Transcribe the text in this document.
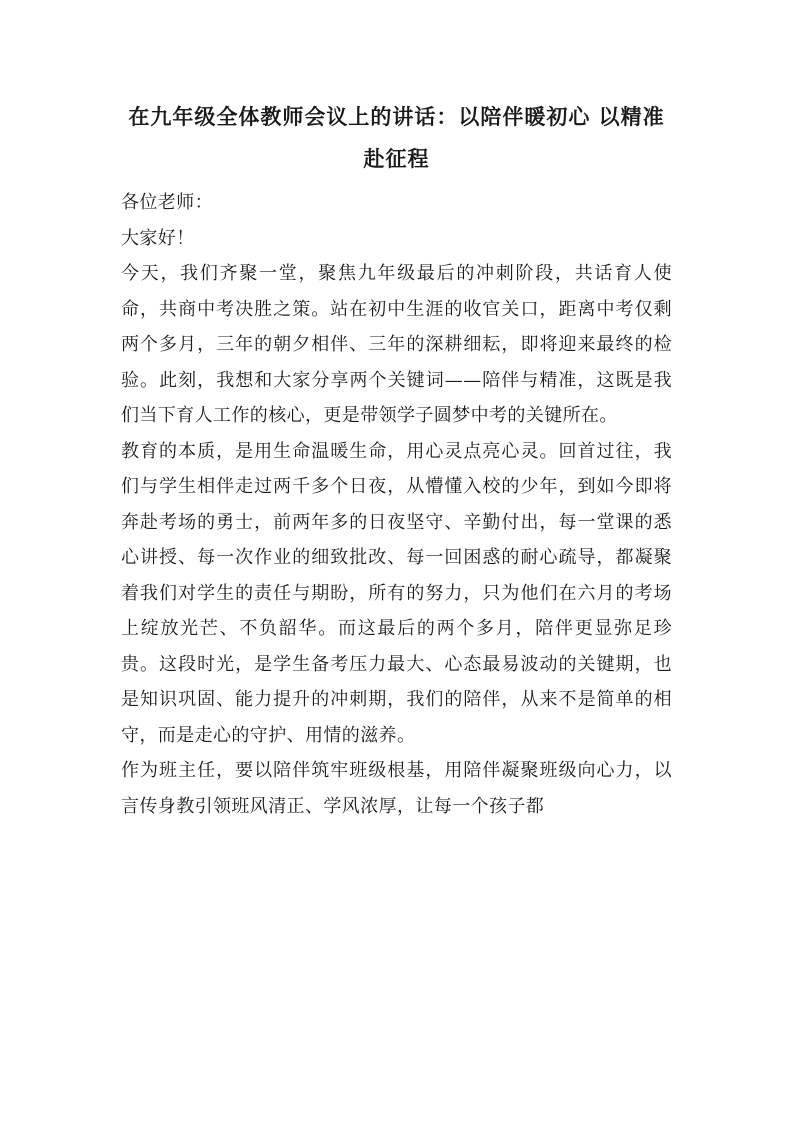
在九年级全体教师会议上的讲话：以陪伴暖初心 以精准赴征程

各位老师：

大家好！

今天，我们齐聚一堂，聚焦九年级最后的冲刺阶段，共话育人使命，共商中考决胜之策。站在初中生涯的收官关口，距离中考仅剩两个多月，三年的朝夕相伴、三年的深耕细耘，即将迎来最终的检验。此刻，我想和大家分享两个关键词——陪伴与精准，这既是我们当下育人工作的核心，更是带领学子圆梦中考的关键所在。

教育的本质，是用生命温暖生命，用心灵点亮心灵。回首过往，我们与学生相伴走过两千多个日夜，从懵懂入校的少年，到如今即将奔赴考场的勇士，前两年多的日夜坚守、辛勤付出，每一堂课的悉心讲授、每一次作业的细致批改、每一回困惑的耐心疏导，都凝聚着我们对学生的责任与期盼，所有的努力，只为他们在六月的考场上绽放光芒、不负韶华。而这最后的两个多月，陪伴更显弥足珍贵。这段时光，是学生备考压力最大、心态最易波动的关键期，也是知识巩固、能力提升的冲刺期，我们的陪伴，从来不是简单的相守，而是走心的守护、用情的滋养。

作为班主任，要以陪伴筑牢班级根基，用陪伴凝聚班级向心力，以言传身教引领班风清正、学风浓厚，让每一个孩子都
